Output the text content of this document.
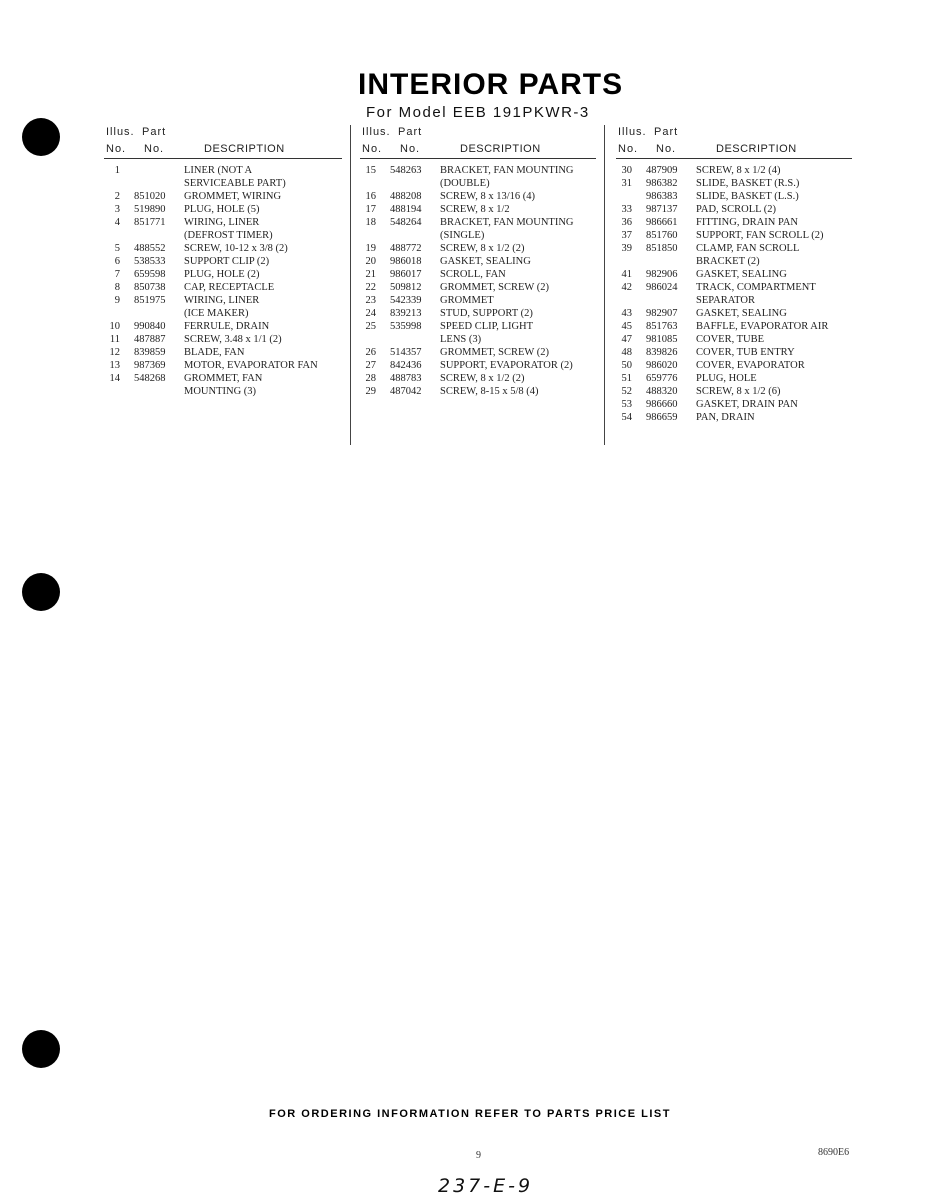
INTERIOR PARTS
For Model EEB 191PKWR-3
Illus. Part
No. No.	DESCRIPTION
1	LINER (NOT A
SERVICEABLE PART)
2 851020 GROMMET, WIRING
3 519890 PLUG, HOLE (5)
4 851771 WIRING, LINER
(DEFROST TIMER)
5 488552 SCREW, 10-12 x 3/8 (2)
6 538533 SUPPORT CLIP (2)
7 659598 PLUG, HOLE (2)
8 850738 CAP, RECEPTACLE
9 851975 WIRING, LINER
(ICE MAKER)
10 990840 FERRULE, DRAIN
11 487887 SCREW, 3.48 x 1/1 (2)
12 839859 BLADE, FAN
13 987369 MOTOR, EVAPORATOR FAN
14 548268 GROMMET, FAN
MOUNTING (3)
Illus. Part
No. No.	DESCRIPTION
15 548263 BRACKET, FAN MOUNTING
(DOUBLE)
16 488208 SCREW, 8 x 13/16 (4)
17 488194 SCREW, 8 x 1/2
18 548264 BRACKET, FAN MOUNTING
(SINGLE)
19 488772 SCREW, 8 x 1/2 (2)
20 986018 GASKET, SEALING
21 986017 SCROLL, FAN
22 509812 GROMMET, SCREW (2)
23 542339 GROMMET
24 839213 STUD, SUPPORT (2)
25 535998 SPEED CLIP, LIGHT
LENS (3)
26 514357 GROMMET, SCREW (2)
27 842436 SUPPORT, EVAPORATOR (2)
28 488783 SCREW, 8 x 1/2 (2)
29 487042 SCREW, 8-15 x 5/8 (4)
Illus. Part
No. No.	DESCRIPTION
30 487909 SCREW, 8 x 1/2 (4)
31 986382 SLIDE, BASKET (R.S.)
986383 SLIDE, BASKET (L.S.)
33 987137 PAD, SCROLL (2)
36 986661 FITTING, DRAIN PAN
37 851760 SUPPORT, FAN SCROLL (2)
39 851850 CLAMP, FAN SCROLL
BRACKET (2)
41 982906 GASKET, SEALING
42 986024 TRACK, COMPARTMENT
SEPARATOR
43 982907 GASKET, SEALING
45 851763 BAFFLE, EVAPORATOR AIR
47 981085 COVER, TUBE
48 839826 COVER, TUB ENTRY
50 986020 COVER, EVAPORATOR
51 659776 PLUG, HOLE
52 488320 SCREW, 8 x 1/2 (6)
53 986660 GASKET, DRAIN PAN
54 986659 PAN, DRAIN
FOR ORDERING INFORMATION REFER TO PARTS PRICE LIST
9	8690E6
237-E-9
